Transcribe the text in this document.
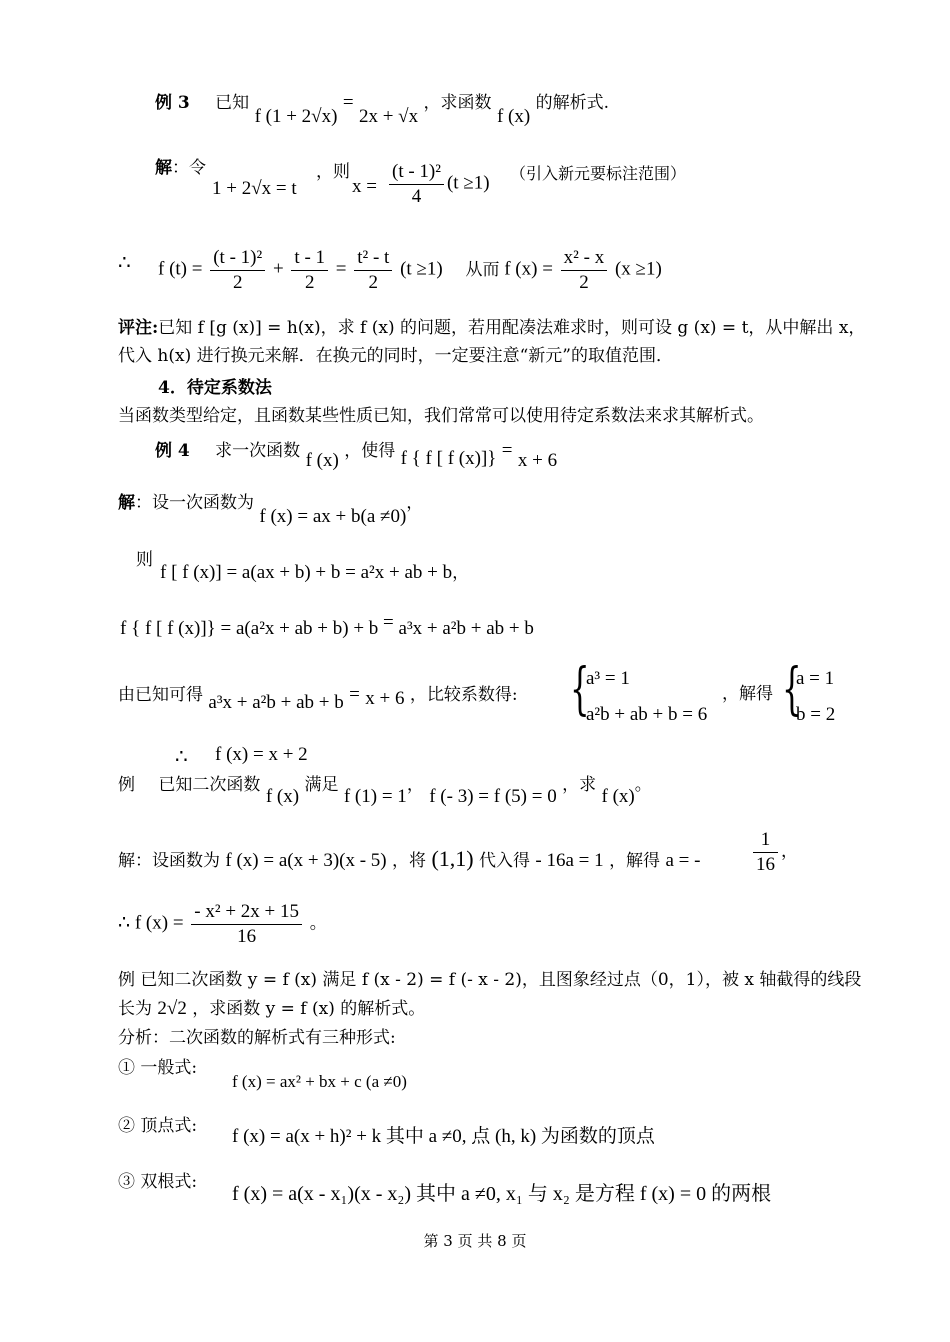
例 3 已知 f (1 + 2√x) = 2x + √x ，求函数 f (x) 的解析式.
解：令
1 + 2√x = t
，则
$x = \frac{\text{(t - 1)²}}{4} (t \ge 1)$ （引入新元要标注范围）
∴ f $(t) = \frac{\text{(t - 1)²}}{2} + \frac{t - 1}{2} = \frac{\text{t² - t}}{2} (t \ge 1)$ 从而 f $(x) = \frac{\text{x² - x}}{2} (x \ge 1)$
评注:已知 f [g (x)] = h(x)，求 f (x) 的问题，若用配凑法难求时，则可设 g (x) = t，从中解出 x，
代入 h(x) 进行换元来解．在换元的同时，一定要注意“新元”的取值范围．
4．待定系数法
当函数类型给定，且函数某些性质已知，我们常常可以使用待定系数法来求其解析式。
例 4 求一次函数 f (x) ，使得 f { f [ f (x)]} = x + 6
解：设一次函数为 f (x) = ax + b(a ≠0)，
则
f [ f (x)] = a(ax + b) + b = a²x + ab + b，
f { f [ f (x)]} = a(a²x + ab + b) + b = a³x + a²b + ab + b
由已知可得 a³x + a²b + ab + b = x + 6 ，比较系数得: {
a³ = 1
a²b + ab + b = 6
，解得 {
a = 1
b = 2
∴ f (x) = x + 2
例 已知二次函数 f (x) 满足 f (1) = 1， f (- 3) = f (5) = 0 ，求 f (x)。
解：设函数为 f (x) = a(x + 3)(x - 5) ，将 (1,1) 代入得 - 16a = 1 ，解得 a = -	$\frac{1}{16}$ ，
∴ f $(x) = \frac{\text{- x² + 2x + 15}}{16}$ 。
例 已知二次函数 y = f (x) 满足 f (x - 2) = f (- x - 2)，且图象经过点（0，1），被 x 轴截得的线段
长为 2√2 ，求函数 y = f (x) 的解析式。
分析：二次函数的解析式有三种形式:
① 一般式:
f (x) = ax² + bx + c (a ≠0)
② 顶点式: f (x) = a(x + h)² + k 其中 a ≠0, 点 (h, k) 为函数的顶点
③ 双根式:
f (x) = a(x - x₁)(x - x₂) 其中 a ≠0, x₁ 与 x₂ 是方程 f (x) = 0 的两根
第 3 页 共 8 页
